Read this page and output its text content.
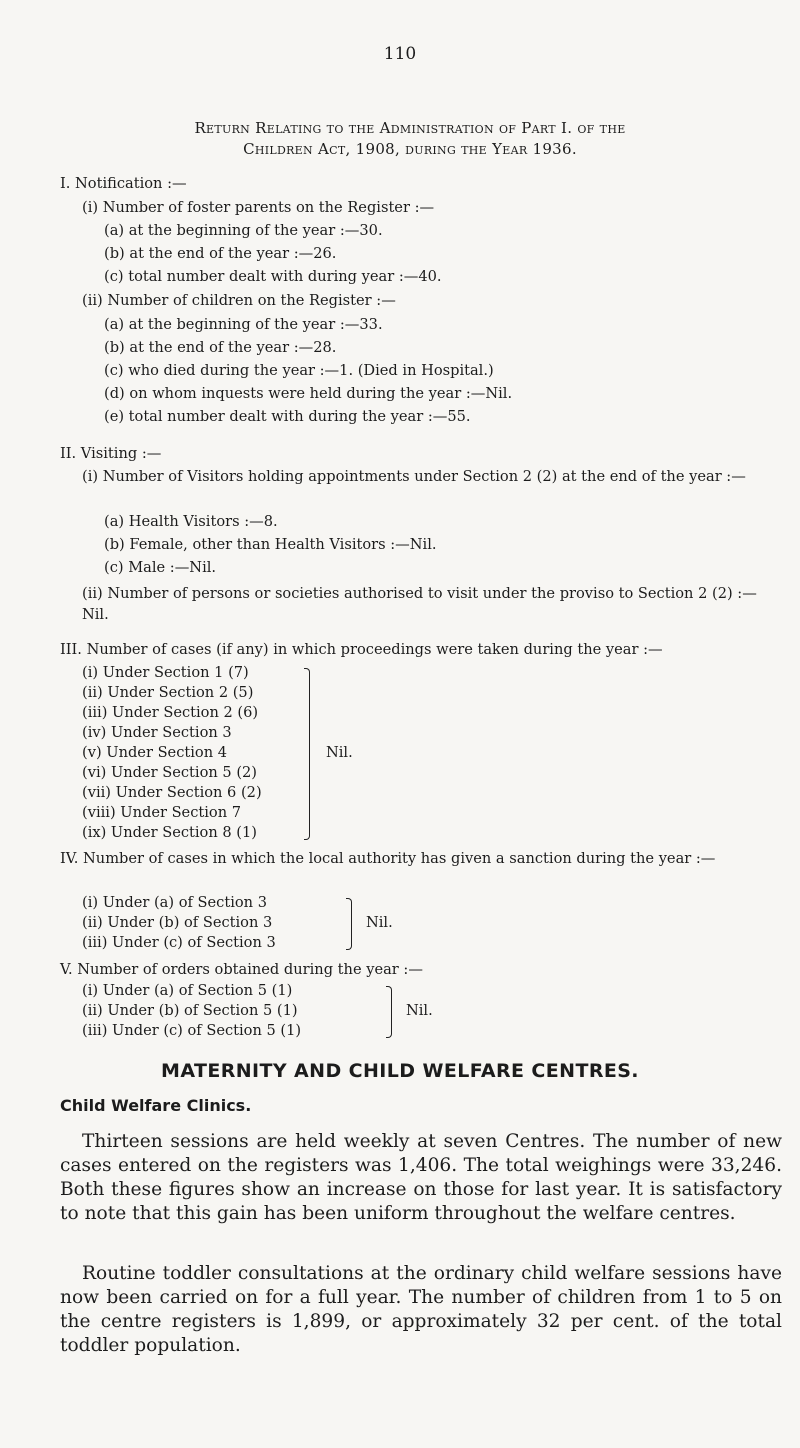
110
Return Relating to the Administration of Part I. of the
Children Act, 1908, during the Year 1936.
I. Notification :—
(i) Number of foster parents on the Register :—
(a) at the beginning of the year :—30.
(b) at the end of the year :—26.
(c) total number dealt with during year :—40.
(ii) Number of children on the Register :—
(a) at the beginning of the year :—33.
(b) at the end of the year :—28.
(c) who died during the year :—1. (Died in Hospital.)
(d) on whom inquests were held during the year :—Nil.
(e) total number dealt with during the year :—55.
II. Visiting :—
(i) Number of Visitors holding appointments under Section 2 (2) at the end of the year :—
(a) Health Visitors :—8.
(b) Female, other than Health Visitors :—Nil.
(c) Male :—Nil.
(ii) Number of persons or societies authorised to visit under the proviso to Section 2 (2) :—Nil.
III. Number of cases (if any) in which proceedings were taken during the year :—
(i) Under Section 1 (7)
(ii) Under Section 2 (5)
(iii) Under Section 2 (6)
(iv) Under Section 3
(v) Under Section 4
(vi) Under Section 5 (2)
(vii) Under Section 6 (2)
(viii) Under Section 7
(ix) Under Section 8 (1)
Nil.
IV. Number of cases in which the local authority has given a sanction during the year :—
(i) Under (a) of Section 3
(ii) Under (b) of Section 3
(iii) Under (c) of Section 3
Nil.
V. Number of orders obtained during the year :—
(i) Under (a) of Section 5 (1)
(ii) Under (b) of Section 5 (1)
(iii) Under (c) of Section 5 (1)
Nil.
MATERNITY AND CHILD WELFARE CENTRES.
Child Welfare Clinics.
Thirteen sessions are held weekly at seven Centres. The number of new cases entered on the registers was 1,406. The total weighings were 33,246. Both these figures show an increase on those for last year. It is satisfactory to note that this gain has been uniform throughout the welfare centres.
Routine toddler consultations at the ordinary child welfare sessions have now been carried on for a full year. The number of children from 1 to 5 on the centre registers is 1,899, or approximately 32 per cent. of the total toddler population.
